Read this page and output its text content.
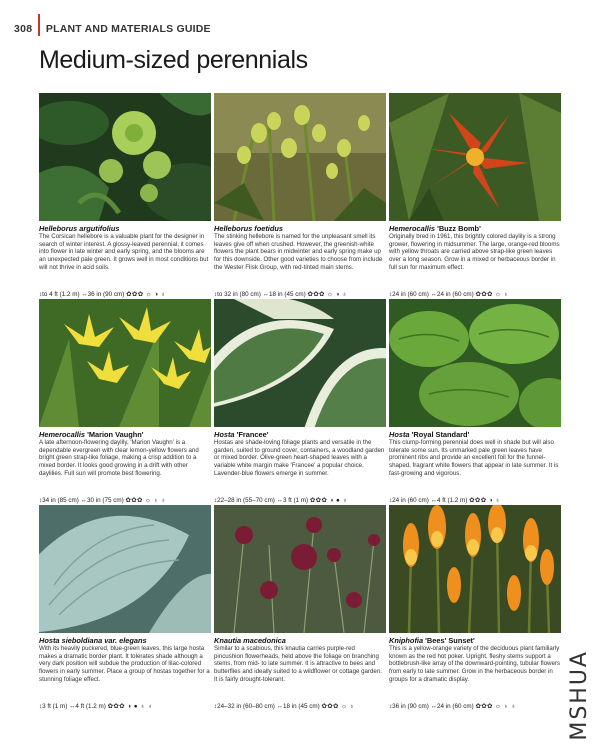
308 PLANT AND MATERIALS GUIDE
Medium-sized perennials
Helleborus argutifolius
The Corsican hellebore is a valuable plant for the designer in search of winter interest. A glossy-leaved perennial, it comes into flower in late winter and early spring, and the blooms are an unexpected pale green. It grows well in most conditions but will not thrive in acid soils.
↕to 4 ft (1.2 m) ↔36 in (90 cm) ✿✿✿ ☼ ◑ ♁
Helleborus foetidus
The stinking hellebore is named for the unpleasant smell its leaves give off when crushed. However, the greenish-white flowers the plant bears in midwinter and early spring make up for this downside. Other good varieties to choose from include the Wester Flisk Group, with red-tinted main stems.
↕to 32 in (80 cm) ↔18 in (45 cm) ✿✿✿ ☼ ◑ ♁
Hemerocallis 'Buzz Bomb'
Originally bred in 1961, this brightly colored daylily is a strong grower, flowering in midsummer. The large, orange-red blooms with yellow throats are carried above strap-like green leaves over a long season. Grow in a mixed or herbaceous border in full sun for maximum effect.
↕24 in (60 cm) ↔24 in (60 cm) ✿✿✿ ☼ ♁
Hemerocallis 'Marion Vaughn'
A late afternoon-flowering daylily, 'Marion Vaughn' is a dependable evergreen with clear lemon-yellow flowers and bright green strap-like foliage, making a crisp addition to a mixed border. It looks good growing in a drift with other daylilies. Full sun will promote best flowering.
↕34 in (85 cm) ↔30 in (75 cm) ✿✿✿ ☼ ♁ ♁
Hosta 'Francee'
Hostas are shade-loving foliage plants and versatile in the garden, suited to ground cover, containers, a woodland garden or mixed border. Olive-green heart-shaped leaves with a variable white margin make 'Francee' a popular choice. Lavender-blue flowers emerge in summer.
↕22–28 in (55–70 cm) ↔3 ft (1 m) ✿✿✿ ◑ ● ♁
Hosta 'Royal Standard'
This clump-forming perennial does well in shade but will also tolerate some sun. Its unmarked pale green leaves have prominent ribs and provide an excellent foil for the funnel-shaped, fragrant white flowers that appear in late summer. It is fast-growing and vigorous.
↕24 in (60 cm) ↔4 ft (1.2 m) ✿✿✿ ◑ ♁
Hosta sieboldiana var. elegans
With its heavily puckered, blue-green leaves, this large hosta makes a dramatic border plant. It tolerates shade although a very dark position will subdue the production of lilac-colored flowers in early summer. Place a group of hostas together for a stunning foliage effect.
↕3 ft (1 m) ↔4 ft (1.2 m) ✿✿✿ ◑ ● ♁ ♁
Knautia macedonica
Similar to a scabious, this knautia carries purple-red pincushion flowerheads, held above the foliage on branching stems, from mid- to late summer. It is attractive to bees and butterflies and ideally suited to a wildflower or cottage garden. It is fairly drought-tolerant.
↕24–32 in (60–80 cm) ↔18 in (45 cm) ✿✿✿ ☼ ♁
Kniphofia 'Bees' Sunset'
This is a yellow-orange variety of the deciduous plant familiarly known as the red hot poker. Upright, fleshy stems support a bottlebrush-like array of the downward-pointing, tubular flowers from early to late summer. Grow in the herbaceous border in groups for a dramatic display.
↕36 in (90 cm) ↔24 in (60 cm) ✿✿✿ ☼ ♁ ♁	MSHUA
